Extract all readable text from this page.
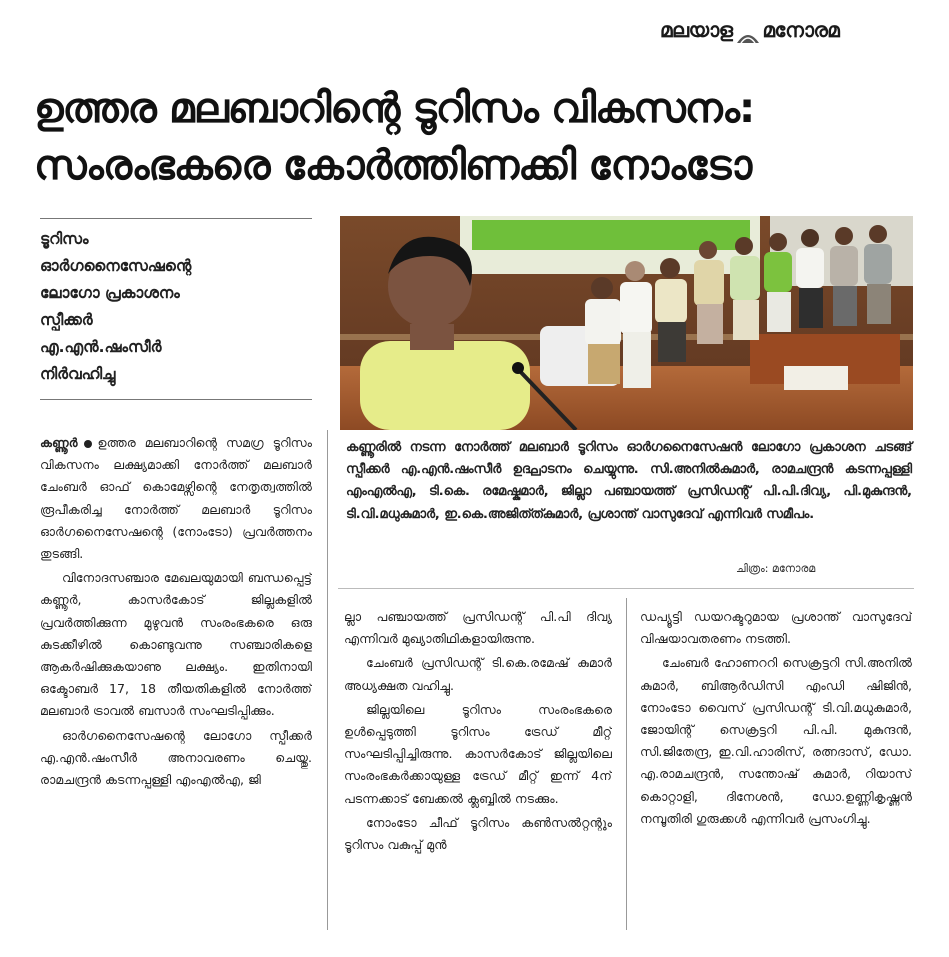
മലയാള മനോരമ
ഉത്തര മലബാറിന്റെ ടൂറിസം വികസനം:
സംരംഭകരെ കോർത്തിണക്കി നോംടോ
ടൂറിസം
ഓർഗനൈസേഷന്റെ
ലോഗോ പ്രകാശനം
സ്പീക്കർ
എ.എൻ.ഷംസീർ
നിർവഹിച്ചു
കണ്ണൂരിൽ നടന്ന നോർത്ത് മലബാർ ടൂറിസം ഓർഗനൈസേഷൻ ലോഗോ പ്രകാശന ചടങ്ങ് സ്പീക്കർ എ.എൻ.ഷംസീർ ഉദ്ഘാടനം ചെയ്യുന്നു. സി.അനിൽകുമാർ, രാമചന്ദ്രൻ കടന്നപ്പള്ളി എംഎൽഎ, ടി.കെ. രമേഷ്കുമാർ, ജില്ലാ പഞ്ചായത്ത് പ്രസിഡന്റ് പി.പി.ദിവ്യ, പി.മുകുന്ദൻ, ടി.വി.മധുകുമാർ, ഇ.കെ.അജിത്ത്കുമാർ, പ്രശാന്ത് വാസുദേവ് എന്നിവർ സമീപം.
ചിത്രം: മനോരമ

കണ്ണൂർ ഉത്തര മലബാറിന്റെ സമഗ്ര ടൂറിസം വികസനം ലക്ഷ്യമാക്കി നോർത്ത് മലബാർ ചേംബർ ഓഫ് കൊമേഴ്സിന്റെ നേതൃത്വത്തിൽ രൂപീകരിച്ച നോർത്ത് മലബാർ ടൂറിസം ഓർഗനൈസേഷന്റെ (നോംടോ) പ്രവർത്തനം തുടങ്ങി.

വിനോദസഞ്ചാര മേഖലയുമായി ബന്ധപ്പെട്ട് കണ്ണൂർ, കാസർകോട് ജില്ലകളിൽ പ്രവർത്തിക്കുന്ന മുഴുവൻ സംരംഭകരെ ഒരു കുടക്കീഴിൽ കൊണ്ടുവന്നു സഞ്ചാരികളെ ആകർഷിക്കുകയാണു ലക്ഷ്യം. ഇതിനായി ഒക്ടോബർ 17, 18 തീയതികളിൽ നോർത്ത് മലബാർ ട്രാവൽ ബസാർ സംഘടിപ്പിക്കും.

ഓർഗനൈസേഷന്റെ ലോഗോ സ്പീക്കർ എ.എൻ.ഷംസീർ അനാവരണം ചെയ്തു. രാമചന്ദ്രൻ കടന്നപ്പള്ളി എംഎൽഎ, ജി

ല്ലാ പഞ്ചായത്ത് പ്രസിഡന്റ് പി.പി ദിവ്യ എന്നിവർ മുഖ്യാതിഥികളായിരുന്നു.

ചേംബർ പ്രസിഡന്റ് ടി.കെ.രമേഷ് കുമാർ അധ്യക്ഷത വഹിച്ചു.

ജില്ലയിലെ ടൂറിസം സംരംഭകരെ ഉൾപ്പെടുത്തി ടൂറിസം ട്രേഡ് മീറ്റ് സംഘടിപ്പിച്ചിരുന്നു. കാസർകോട് ജില്ലയിലെ സംരംഭകർക്കായുള്ള ട്രേഡ് മീറ്റ് ഇന്ന് 4ന് പടന്നക്കാട് ബേക്കൽ ക്ലബ്ബിൽ നടക്കും.

നോംടോ ചീഫ് ടൂറിസം കൺസൽറ്റന്റും ടൂറിസം വകുപ്പ് മുൻ

ഡപ്യൂട്ടി ഡയറക്ടറുമായ പ്രശാന്ത് വാസുദേവ് വിഷയാവതരണം നടത്തി.

ചേംബർ ഹോണററി സെക്രട്ടറി സി.അനിൽ കുമാർ, ബിആർഡിസി എംഡി ഷിജിൻ, നോംടോ വൈസ് പ്രസിഡന്റ് ടി.വി.മധുകുമാർ, ജോയിന്റ് സെക്രട്ടറി പി.പി. മുകുന്ദൻ, സി.ജിതേന്ദ്ര, ഇ.വി.ഹാരിസ്, രത്നദാസ്, ഡോ. എ.രാമചന്ദ്രൻ, സന്തോഷ് കുമാർ, റിയാസ് കൊറ്റാളി, ദിനേശൻ, ഡോ.ഉണ്ണികൃഷ്ണൻ നമ്പൂതിരി ഗുരുക്കൾ എന്നിവർ പ്രസംഗിച്ചു.
